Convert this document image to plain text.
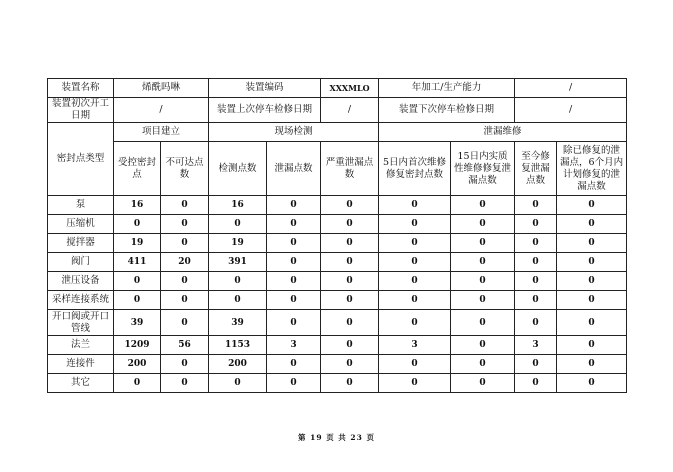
装置名称	烯酰吗啉		装置编码		XXXMLO	年加工/生产能力		/	
装置初次开工日期	/		装置上次停车检修日期		/	装置下次停车检修日期		/	
密封点类型	项目建立		现场检测			泄漏维修			
	受控密封点	不可达点数	检测点数	泄漏点数	严重泄漏点数	5日内首次维修修复密封点数	15日内实质性维修修复泄漏点数	至今修复泄漏点数	除已修复的泄漏点，6个月内计划修复的泄漏点数
泵	16	0	16	0	0	0	0	0	0
压缩机	0	0	0	0	0	0	0	0	0
搅拌器	19	0	19	0	0	0	0	0	0
阀门	411	20	391	0	0	0	0	0	0
泄压设备	0	0	0	0	0	0	0	0	0
采样连接系统	0	0	0	0	0	0	0	0	0
开口阀或开口管线	39	0	39	0	0	0	0	0	0
法兰	1209	56	1153	3	0	3	0	3	0
连接件	200	0	200	0	0	0	0	0	0
其它	0	0	0	0	0	0	0	0	0
第 19 页 共 23 页
